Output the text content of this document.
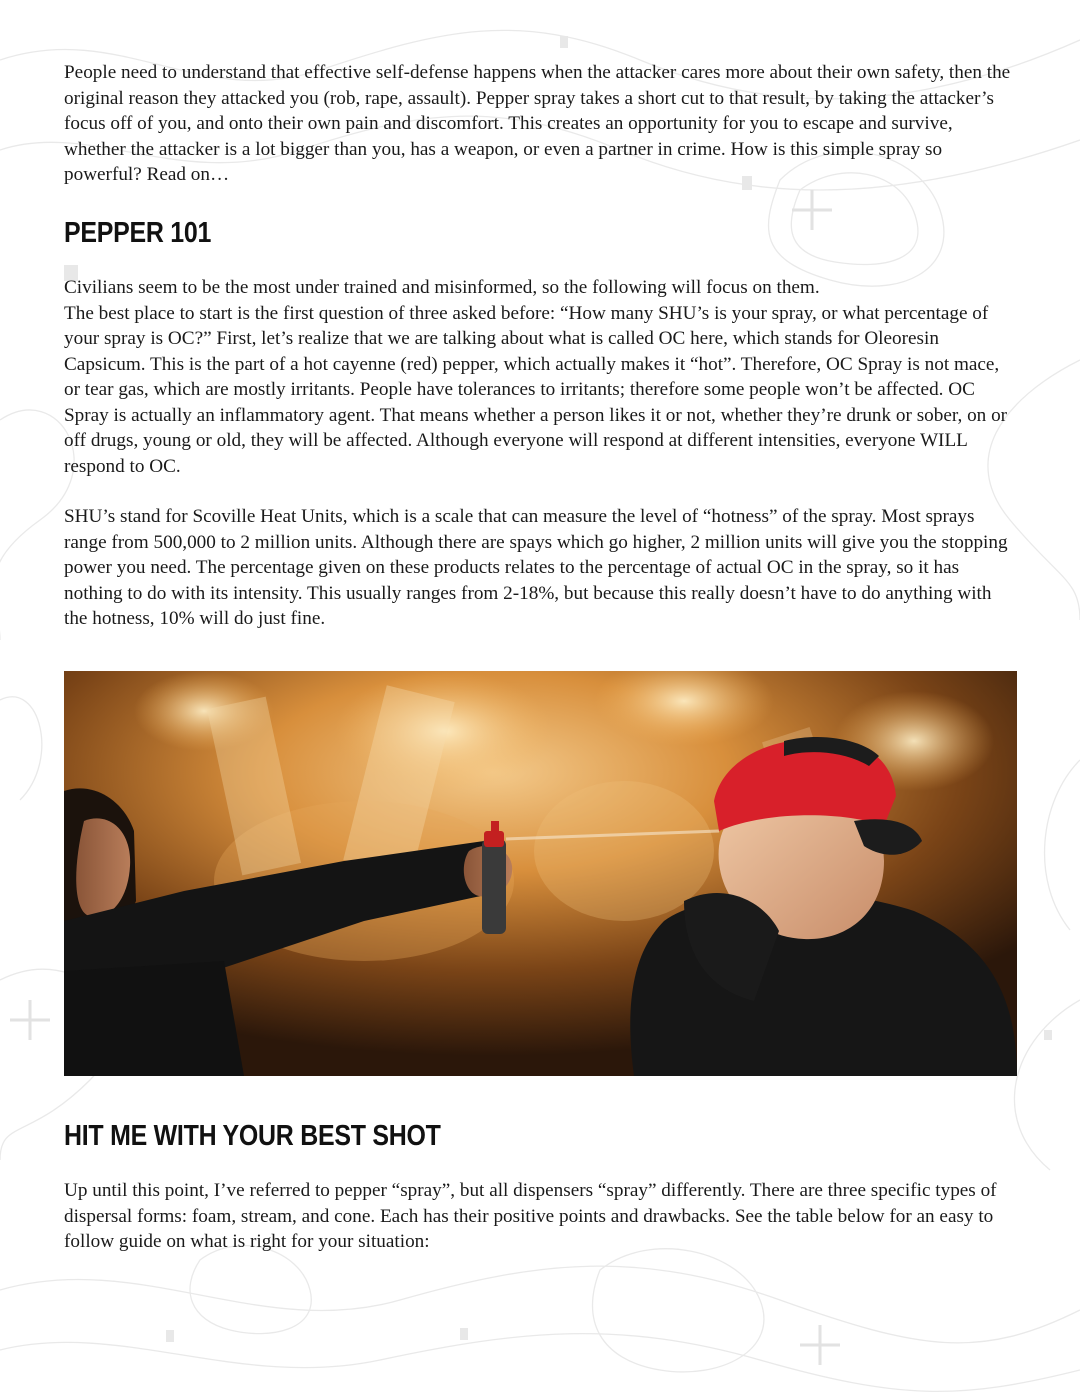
People need to understand that effective self-defense happens when the attacker cares more about their own safety, then the original reason they attacked you (rob, rape, assault). Pepper spray takes a short cut to that result, by taking the attacker’s focus off of you, and onto their own pain and discomfort. This creates an opportunity for you to escape and survive, whether the attacker is a lot bigger than you, has a weapon, or even a partner in crime. How is this simple spray so powerful? Read on…

PEPPER 101
Civilians seem to be the most under trained and misinformed, so the following will focus on them.
The best place to start is the first question of three asked before: “How many SHU’s is your spray, or what percentage of your spray is OC?” First, let’s realize that we are talking about what is called OC here, which stands for Oleoresin Capsicum. This is the part of a hot cayenne (red) pepper, which actually makes it “hot”. Therefore, OC Spray is not mace, or tear gas, which are mostly irritants. People have tolerances to irritants; therefore some people won’t be affected. OC Spray is actually an inflammatory agent. That means whether a person likes it or not, whether they’re drunk or sober, on or off drugs, young or old, they will be affected. Although everyone will respond at different intensities, everyone WILL respond to OC.

SHU’s stand for Scoville Heat Units, which is a scale that can measure the level of “hotness” of the spray. Most sprays range from 500,000 to 2 million units. Although there are spays which go higher, 2 million units will give you the stopping power you need. The percentage given on these products relates to the percentage of actual OC in the spray, so it has nothing to do with its intensity. This usually ranges from 2-18%, but because this really doesn’t have to do anything with the hotness, 10% will do just fine.

HIT ME WITH YOUR BEST SHOT

Up until this point, I’ve referred to pepper “spray”, but all dispensers “spray” differently. There are three specific types of dispersal forms: foam, stream, and cone. Each has their positive points and drawbacks. See the table below for an easy to follow guide on what is right for your situation:
